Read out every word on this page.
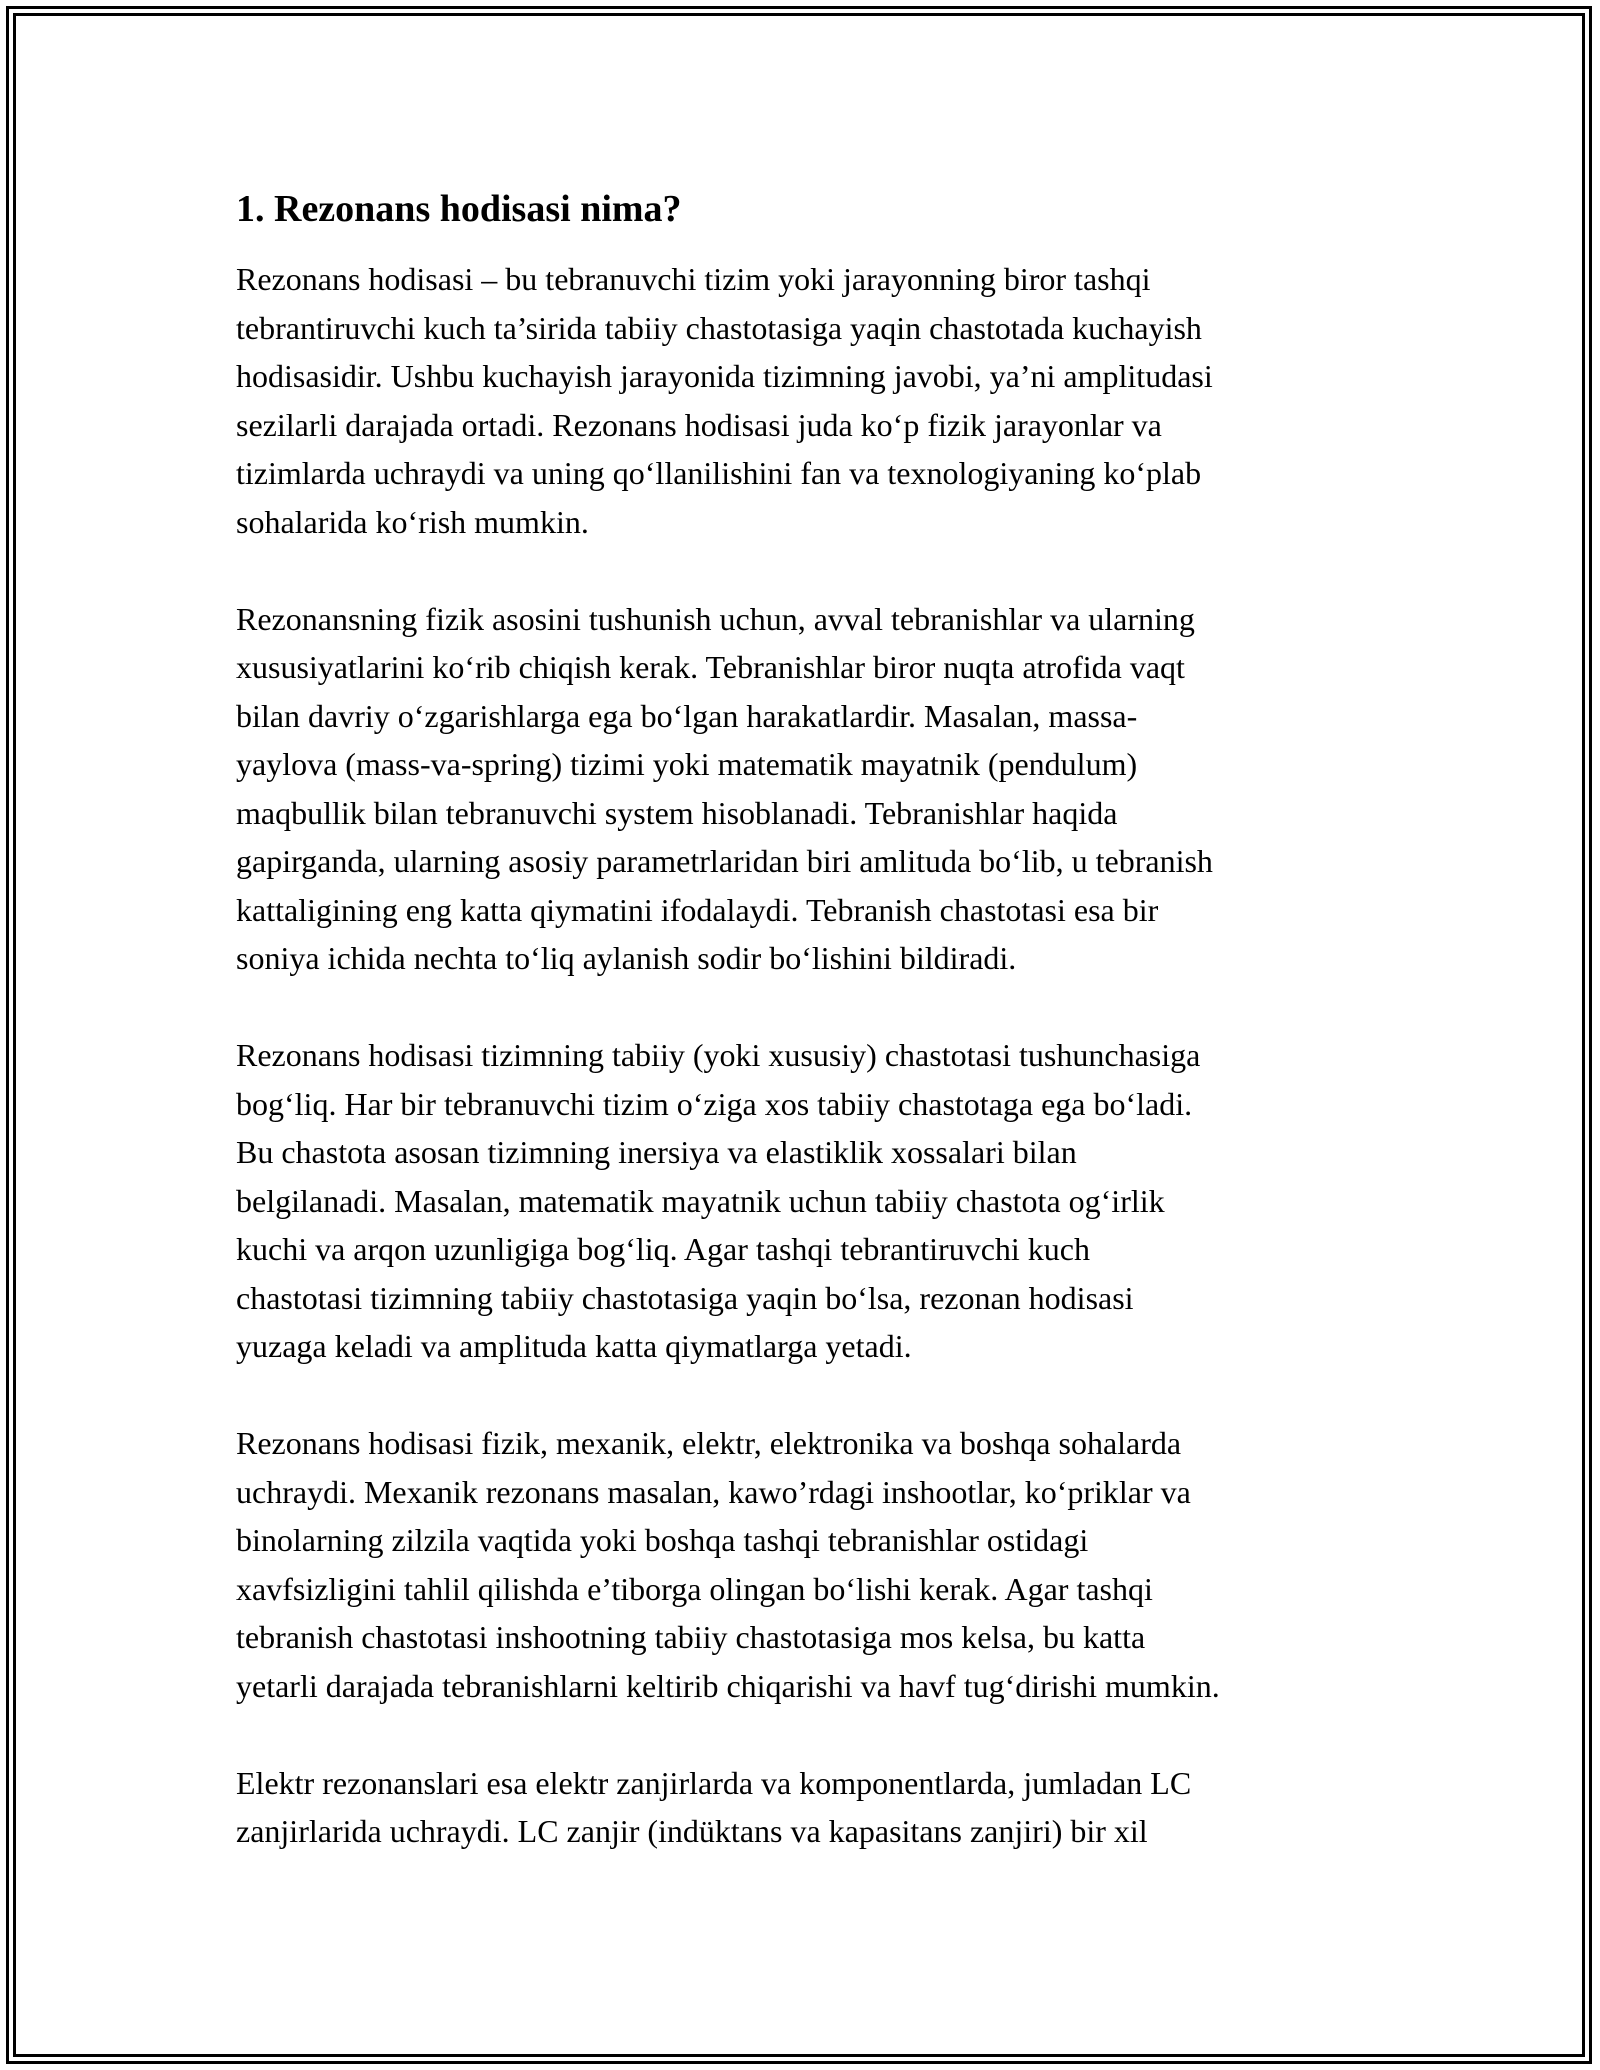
1. Rezonans hodisasi nima?

Rezonans hodisasi – bu tebranuvchi tizim yoki jarayonning biror tashqi
tebrantiruvchi kuch ta’sirida tabiiy chastotasiga yaqin chastotada kuchayish
hodisasidir. Ushbu kuchayish jarayonida tizimning javobi, ya’ni amplitudasi
sezilarli darajada ortadi. Rezonans hodisasi juda koʻp fizik jarayonlar va
tizimlarda uchraydi va uning qoʻllanilishini fan va texnologiyaning koʻplab
sohalarida koʻrish mumkin.

Rezonansning fizik asosini tushunish uchun, avval tebranishlar va ularning
xususiyatlarini koʻrib chiqish kerak. Tebranishlar biror nuqta atrofida vaqt
bilan davriy oʻzgarishlarga ega boʻlgan harakatlardir. Masalan, massa-
yaylova (mass-va-spring) tizimi yoki matematik mayatnik (pendulum)
maqbullik bilan tebranuvchi system hisoblanadi. Tebranishlar haqida
gapirganda, ularning asosiy parametrlaridan biri amlituda boʻlib, u tebranish
kattaligining eng katta qiymatini ifodalaydi. Tebranish chastotasi esa bir
soniya ichida nechta toʻliq aylanish sodir boʻlishini bildiradi.

Rezonans hodisasi tizimning tabiiy (yoki xususiy) chastotasi tushunchasiga
bogʻliq. Har bir tebranuvchi tizim oʻziga xos tabiiy chastotaga ega boʻladi.
Bu chastota asosan tizimning inersiya va elastiklik xossalari bilan
belgilanadi. Masalan, matematik mayatnik uchun tabiiy chastota ogʻirlik
kuchi va arqon uzunligiga bogʻliq. Agar tashqi tebrantiruvchi kuch
chastotasi tizimning tabiiy chastotasiga yaqin boʻlsa, rezonan hodisasi
yuzaga keladi va amplituda katta qiymatlarga yetadi.

Rezonans hodisasi fizik, mexanik, elektr, elektronika va boshqa sohalarda
uchraydi. Mexanik rezonans masalan, kawo’rdagi inshootlar, koʻpriklar va
binolarning zilzila vaqtida yoki boshqa tashqi tebranishlar ostidagi
xavfsizligini tahlil qilishda e’tiborga olingan boʻlishi kerak. Agar tashqi
tebranish chastotasi inshootning tabiiy chastotasiga mos kelsa, bu katta
yetarli darajada tebranishlarni keltirib chiqarishi va havf tugʻdirishi mumkin.

Elektr rezonanslari esa elektr zanjirlarda va komponentlarda, jumladan LC
zanjirlarida uchraydi. LC zanjir (indüktans va kapasitans zanjiri) bir xil
